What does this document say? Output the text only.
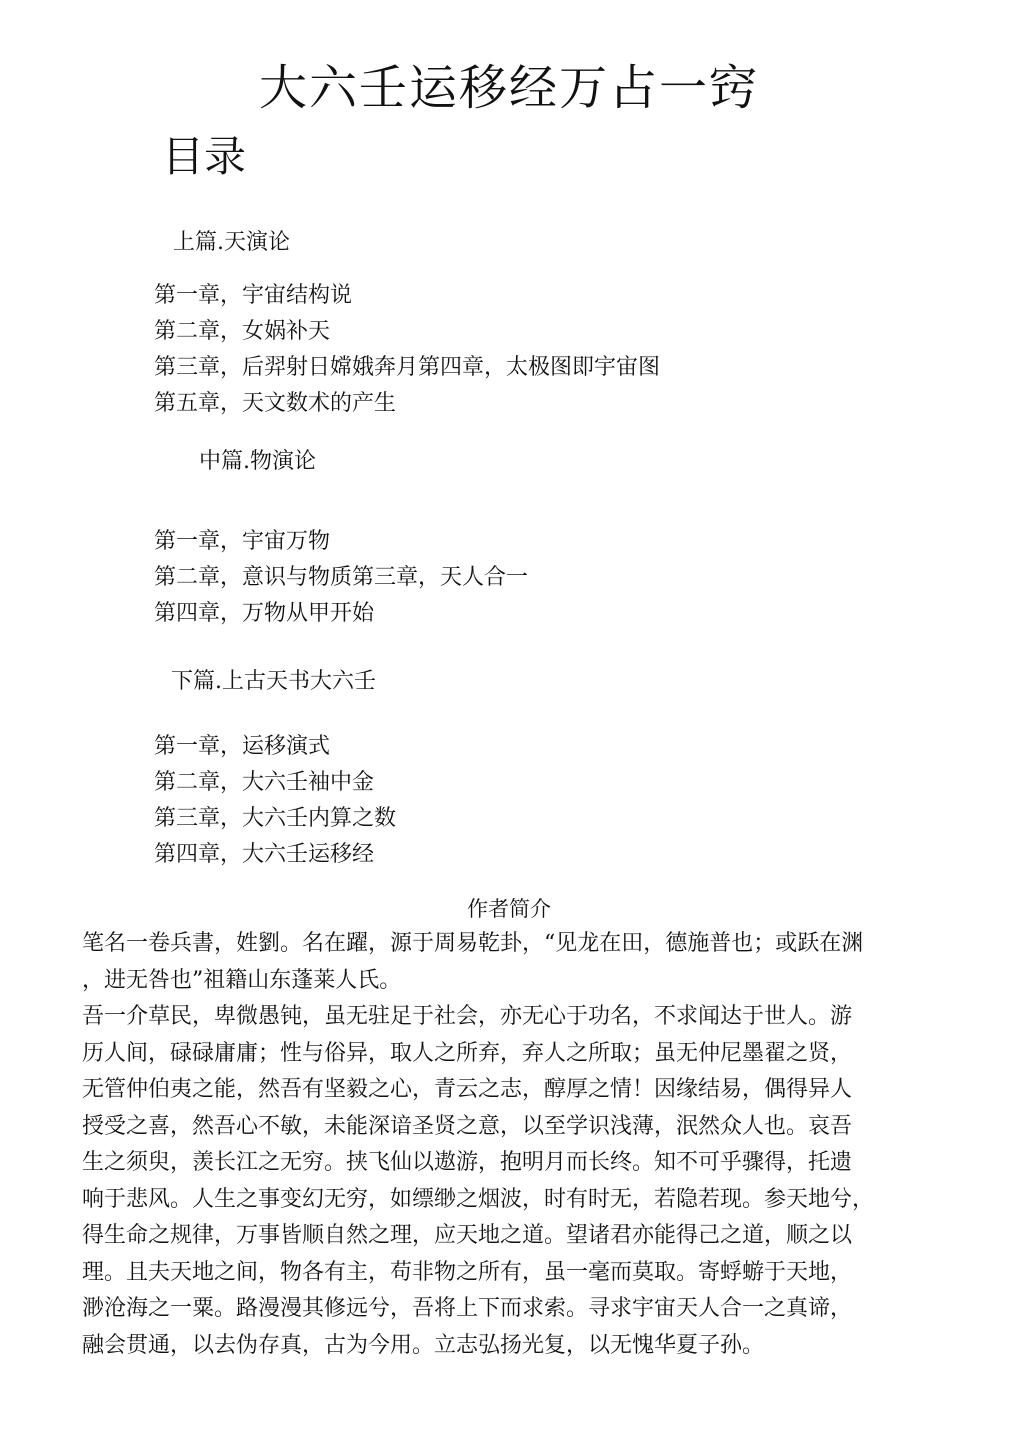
大六壬运移经万占一窍
目录
上篇.天演论
第一章，宇宙结构说
第二章，女娲补天
第三章，后羿射日嫦娥奔月第四章，太极图即宇宙图
第五章，天文数术的产生
中篇.物演论
第一章，宇宙万物
第二章，意识与物质第三章，天人合一
第四章，万物从甲开始
下篇.上古天书大六壬
第一章，运移演式
第二章，大六壬袖中金
第三章，大六壬内算之数
第四章，大六壬运移经
作者简介

笔名一卷兵書，姓劉。名在躍，源于周易乾卦，“见龙在田，德施普也；或跃在渊

，进无咎也”祖籍山东蓬莱人氏。

吾一介草民，卑微愚钝，虽无驻足于社会，亦无心于功名，不求闻达于世人。游

历人间，碌碌庸庸；性与俗异，取人之所弃，弃人之所取；虽无仲尼墨翟之贤，

无管仲伯夷之能，然吾有坚毅之心，青云之志，醇厚之情！因缘结易，偶得异人

授受之喜，然吾心不敏，未能深谙圣贤之意，以至学识浅薄，泯然众人也。哀吾

生之须臾，羡长江之无穷。挟飞仙以遨游，抱明月而长终。知不可乎骤得，托遗

响于悲风。人生之事变幻无穷，如缥缈之烟波，时有时无，若隐若现。参天地兮，

得生命之规律，万事皆顺自然之理，应天地之道。望诸君亦能得己之道，顺之以

理。且夫天地之间，物各有主，苟非物之所有，虽一毫而莫取。寄蜉蝣于天地，

渺沧海之一粟。路漫漫其修远兮，吾将上下而求索。寻求宇宙天人合一之真谛，

融会贯通，以去伪存真，古为今用。立志弘扬光复，以无愧华夏子孙。
